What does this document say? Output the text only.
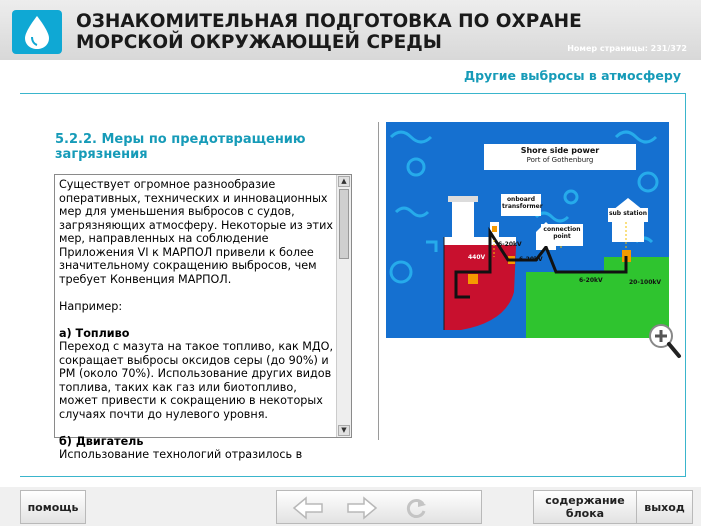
ОЗНАКОМИТЕЛЬНАЯ ПОДГОТОВКА ПО ОХРАНЕ
МОРСКОЙ ОКРУЖАЮЩЕЙ СРЕДЫ	Номер страницы: 231/372
Другие выбросы в атмосферу
5.2.2. Меры по предотвращению загрязнения

Существует огромное разнообразие оперативных, технических и инновационных мер для уменьшения выбросов с судов, загрязняющих атмосферу. Некоторые из этих мер, направленных на соблюдение Приложения VI к МАРПОЛ привели к более значительному сокращению выбросов, чем требует Конвенция МАРПОЛ.

Например:

а) Топливо

Переход с мазута на такое топливо, как МДО, сокращает выбросы оксидов серы (до 90%) и PM (около 70%). Использование других видов топлива, таких как газ или биотопливо, может привести к сокращению в некоторых случаях почти до нулевого уровня.

б) Двигатель

Использование технологий отразилось в

▲
▼
Shore side power
Port of Gothenburg
onboard transformer
connection point
sub station
440V
6-20kV
6-20kV
6-20kV	20-100kV
помощь	содержание блока	выход
